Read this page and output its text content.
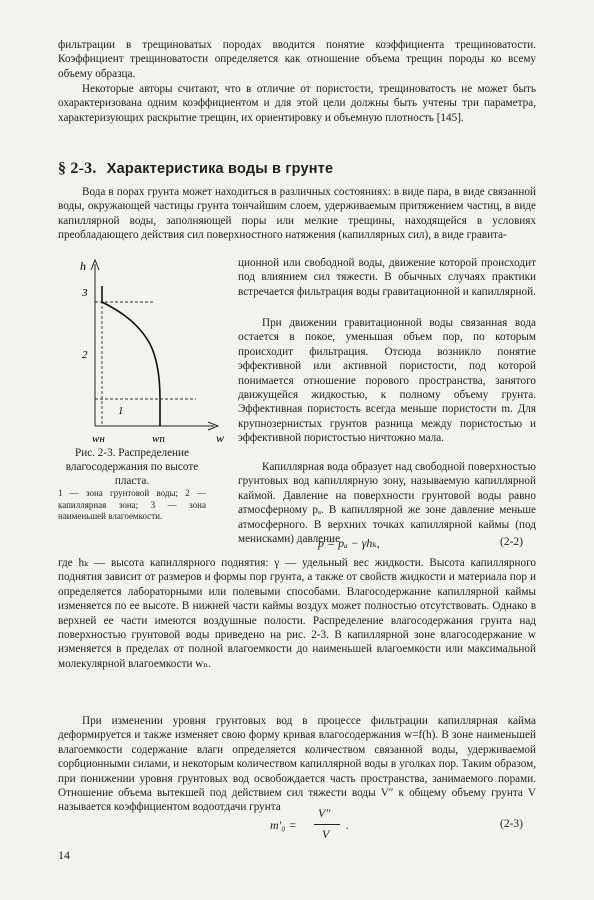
фильтрации в трещиноватых породах вводится понятие коэффициента трещиноватости. Коэффициент трещиноватости определяется как отношение объема трещин породы ко всему объему образца.

Некоторые авторы считают, что в отличие от пористости, трещиноватость не может быть охарактеризована одним коэффициентом и для этой цели должны быть учтены три параметра, характеризующих раскрытие трещин, их ориентировку и объемную плотность [145].

§ 2-3. Характеристика воды в грунте

Вода в порах грунта может находиться в различных состояниях: в виде пара, в виде связанной воды, окружающей частицы грунта тончайшим слоем, удерживаемым притяжением частиц, в виде капиллярной воды, заполняющей поры или мелкие трещины, находящейся в условиях преобладающего действия сил поверхностного натяжения (капиллярных сил), в виде гравита-

ционной или свободной воды, движение которой происходит под влиянием сил тяжести. В обычных случаях практики встречается фильтрация воды гравитационной и капиллярной.

При движении гравитационной воды связанная вода остается в покое, уменьшая объем пор, по которым происходит фильтрация. Отсюда возникло понятие эффективной или активной пористости, под которой понимается отношение порового пространства, занятого движущейся жидкостью, к полному объему грунта. Эффективная пористость всегда меньше пористости m. Для крупнозернистых грунтов разница между пористостью и эффективной пористостью ничтожно мала.

Капиллярная вода образует над свободной поверхностью грунтовых вод капиллярную зону, называемую капиллярной каймой. Давление на поверхности грунтовой воды равно атмосферному pₐ. В капиллярной же зоне давление меньше атмосферного. В верхних точках капиллярной каймы (под менисками) давление

3
2
1
h
w
wн	wп
Рис. 2-3. Распределение влагосодержания по высоте пласта.
1 — зона грунтовой воды; 2 — капиллярная зона; 3 — зона наименьшей влагоемкости.
p = pₐ − γhₖ,	(2-2)

где hₖ — высота капиллярного поднятия: γ — удельный вес жидкости. Высота капиллярного поднятия зависит от размеров и формы пор грунта, а также от свойств жидкости и материала пор и определяется лабораторными или полевыми способами. Влагосодержание капиллярной каймы изменяется по ее высоте. В нижней части каймы воздух может полностью отсутствовать. Однако в верхней ее части имеются воздушные полости. Распределение влагосодержания грунта над поверхностью грунтовой воды приведено на рис. 2-3. В капиллярной зоне влагосодержание w изменяется в пределах от полной влагоемкости до наименьшей влагоемкости или максимальной молекулярной влагоемкости wₙ.

При изменении уровня грунтовых вод в процессе фильтрации капиллярная кайма деформируется и также изменяет свою форму кривая влагосодержания w=f(h). В зоне наименьшей влагоемкости содержание влаги определяется количеством связанной воды, удерживаемой сорбционными силами, и некоторым количеством капиллярной воды в уголках пор. Таким образом, при понижении уровня грунтовых вод освобождается часть пространства, занимаемого порами. Отношение объема вытекшей под действием сил тяжести воды V″ к общему объему грунта V называется коэффициентом водоотдачи грунта

m′₀ =
V″
V
.	(2-3)
14
